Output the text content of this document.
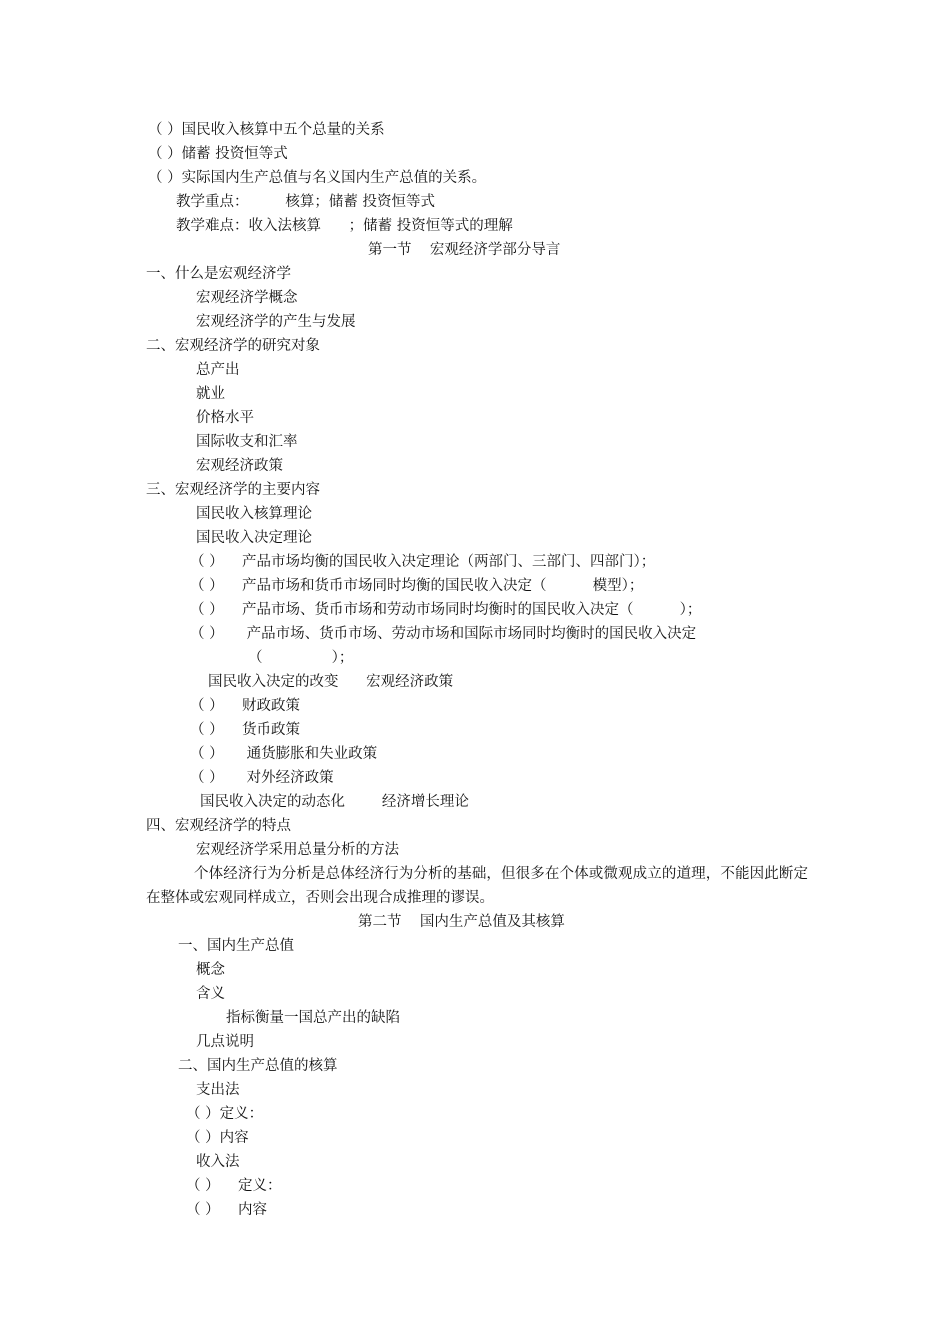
（ ）国民收入核算中五个总量的关系
（ ）储蓄 投资恒等式
（ ）实际国内生产总值与名义国内生产总值的关系。
教学重点：        核算；储蓄 投资恒等式
教学难点：收入法核算      ；储蓄 投资恒等式的理解
第一节    宏观经济学部分导言
一、什么是宏观经济学
宏观经济学概念
宏观经济学的产生与发展
二、宏观经济学的研究对象
总产出
就业
价格水平
国际收支和汇率
宏观经济政策
三、宏观经济学的主要内容
国民收入核算理论
国民收入决定理论
（ ）    产品市场均衡的国民收入决定理论（两部门、三部门、四部门）；
（ ）    产品市场和货币市场同时均衡的国民收入决定（          模型）；
（ ）    产品市场、货币市场和劳动市场同时均衡时的国民收入决定（          ）；
（ ）     产品市场、货币市场、劳动市场和国际市场同时均衡时的国民收入决定
（               ）；
国民收入决定的改变      宏观经济政策
（ ）    财政政策
（ ）    货币政策
（ ）     通货膨胀和失业政策
（ ）     对外经济政策
国民收入决定的动态化        经济增长理论
四、宏观经济学的特点
宏观经济学采用总量分析的方法
个体经济行为分析是总体经济行为分析的基础，但很多在个体或微观成立的道理，不能因此断定在整体或宏观同样成立，否则会出现合成推理的谬误。
第二节    国内生产总值及其核算
一、国内生产总值
概念
含义
指标衡量一国总产出的缺陷
几点说明
二、国内生产总值的核算
支出法
（ ）定义：
（ ）内容
收入法
（ ）    定义：
（ ）    内容
